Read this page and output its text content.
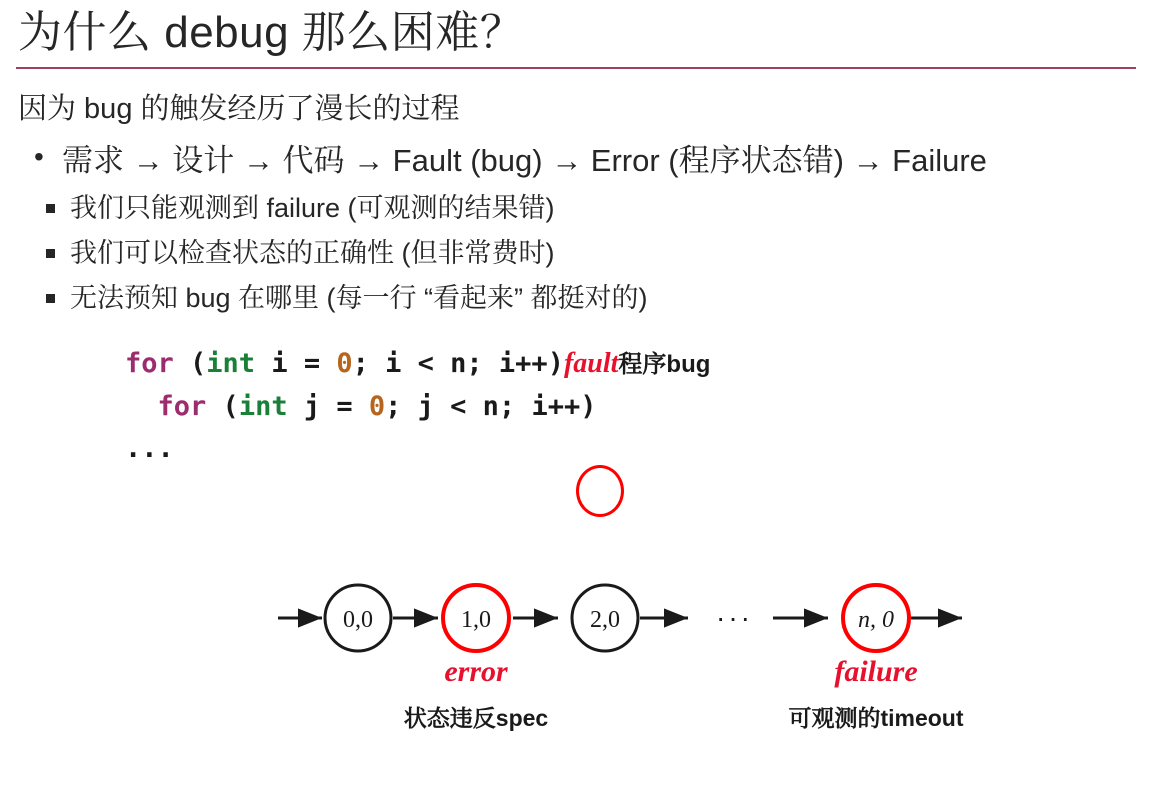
为什么 debug 那么困难？
因为 bug 的触发经历了漫长的过程
• 需求 → 设计 → 代码 → Fault (bug) → Error (程序状态错) → Failure
我们只能观测到 failure (可观测的结果错)
我们可以检查状态的正确性 (但非常费时)
无法预知 bug 在哪里 (每一行 “看起来” 都挺对的)
for (int i = 0; i < n; i++)fault程序bug
for (int j = 0; j < n; i++)
...
0,0	1,0	2,0	n, 0
···
error
状态违反spec
failure
可观测的timeout
